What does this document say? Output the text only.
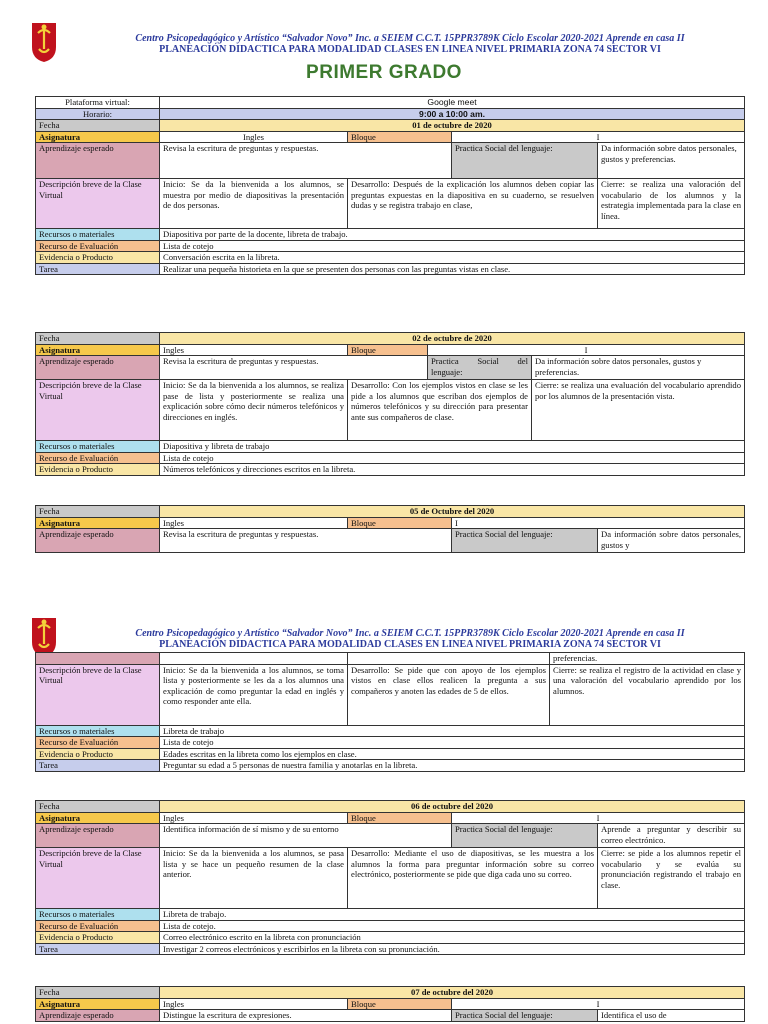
Centro Psicopedagógico y Artístico “Salvador Novo” Inc. a SEIEM C.C.T. 15PPR3789K Ciclo Escolar 2020-2021 Aprende en casa II
PLANEACIÓN DIDACTICA PARA MODALIDAD CLASES EN LINEA NIVEL PRIMARIA ZONA 74 SECTOR VI
PRIMER GRADO
Plataforma virtual:	Google meet			
Horario:	9:00 a 10:00 am.			
Fecha	01 de octubre de 2020			
Asignatura	Ingles	Bloque	I	
Aprendizaje esperado	Revisa la escritura de preguntas y respuestas.		Practica Social del lenguaje:	Da información sobre datos personales, gustos y preferencias.
Descripción breve de la Clase Virtual	Inicio: Se da la bienvenida a los alumnos, se muestra por medio de diapositivas la presentación de dos personas.	Desarrollo: Después de la explicación los alumnos deben copiar las preguntas expuestas en la diapositiva en su cuaderno, se resuelven dudas y se registra trabajo en clase,		Cierre: se realiza una valoración del vocabulario de los alumnos y la estrategia implementada para la clase en línea.
Recursos o materiales	Diapositiva por parte de la docente, libreta de trabajo.			
Recurso de Evaluación	Lista de cotejo			
Evidencia o Producto	Conversación escrita en la libreta.			
Tarea	Realizar una pequeña historieta en la que se presenten dos personas con las preguntas vistas en clase.			
Fecha	02 de octubre de 2020			
Asignatura	Ingles	Bloque	I	
Aprendizaje esperado	Revisa la escritura de preguntas y respuestas.		Practica Social del lenguaje:	Da información sobre datos personales, gustos y preferencias.
Descripción breve de la Clase Virtual	Inicio: Se da la bienvenida a los alumnos, se realiza pase de lista y posteriormente se realiza una explicación sobre cómo decir números telefónicos y direcciones en inglés.	Desarrollo: Con los ejemplos vistos en clase se les pide a los alumnos que escriban dos ejemplos de números telefónicos y su dirección para presentar ante sus compañeros de clase.		Cierre: se realiza una evaluación del vocabulario aprendido por los alumnos de la presentación vista.
Recursos o materiales	Diapositiva y libreta de trabajo			
Recurso de Evaluación	Lista de cotejo			
Evidencia o Producto	Números telefónicos y direcciones escritos en la libreta.			
Fecha	05 de Octubre del 2020			
Asignatura	Ingles	Bloque	I	
Aprendizaje esperado	Revisa la escritura de preguntas y respuestas.		Practica Social del lenguaje:	Da información sobre datos personales, gustos y
Centro Psicopedagógico y Artístico “Salvador Novo” Inc. a SEIEM C.C.T. 15PPR3789K Ciclo Escolar 2020-2021 Aprende en casa II
PLANEACIÓN DIDACTICA PARA MODALIDAD CLASES EN LINEA NIVEL PRIMARIA ZONA 74 SECTOR VI
			preferencias.
Descripción breve de la Clase Virtual	Inicio: Se da la bienvenida a los alumnos, se toma lista y posteriormente se les da a los alumnos una explicación de como preguntar la edad en inglés y como responder ante ella.	Desarrollo: Se pide que con apoyo de los ejemplos vistos en clase ellos realicen la pregunta a sus compañeros y anoten las edades de 5 de ellos.	Cierre: se realiza el registro de la actividad en clase y una valoración del vocabulario aprendido por los alumnos.
Recursos o materiales	Libreta de trabajo		
Recurso de Evaluación	Lista de cotejo		
Evidencia o Producto	Edades escritas en la libreta como los ejemplos en clase.		
Tarea	Preguntar su edad a 5 personas de nuestra familia y anotarlas en la libreta.		
Fecha	06 de octubre del 2020			
Asignatura	Ingles	Bloque	I	
Aprendizaje esperado	Identifica información de sí mismo y de su entorno		Practica Social del lenguaje:	Aprende a preguntar y describir su correo electrónico.
Descripción breve de la Clase Virtual	Inicio: Se da la bienvenida a los alumnos, se pasa lista y se hace un pequeño resumen de la clase anterior.	Desarrollo: Mediante el uso de diapositivas, se les muestra a los alumnos la forma para preguntar información sobre su correo electrónico, posteriormente se pide que diga cada uno su correo.		Cierre: se pide a los alumnos repetir el vocabulario y se evalúa su pronunciación registrando el trabajo en clase.
Recursos o materiales	Libreta de trabajo.			
Recurso de Evaluación	Lista de cotejo.			
Evidencia o Producto	Correo electrónico escrito en la libreta con pronunciación			
Tarea	Investigar 2 correos electrónicos y escribirlos en la libreta con su pronunciación.			
Fecha	07 de octubre del 2020			
Asignatura	Ingles	Bloque	I	
Aprendizaje esperado	Distingue la escritura de expresiones.		Practica Social del lenguaje:	Identifica el uso de
